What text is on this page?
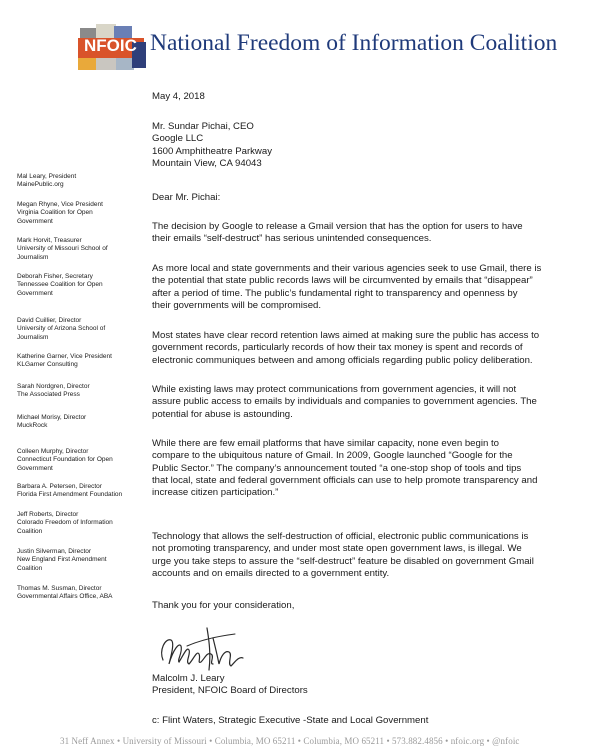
NFOIC National Freedom of Information Coalition
Mal Leary, President
MainePublic.org
Megan Rhyne, Vice President
Virginia Coalition for Open
Government
Mark Horvit, Treasurer
University of Missouri School of
Journalism
Deborah Fisher, Secretary
Tennessee Coalition for Open
Government
David Cuillier, Director
University of Arizona School of
Journalism
Katherine Garner, Vice President
KLGarner Consulting
Sarah Nordgren, Director
The Associated Press
Michael Morisy, Director
MuckRock
Colleen Murphy, Director
Connecticut Foundation for Open
Government
Barbara A. Petersen, Director
Florida First Amendment Foundation
Jeff Roberts, Director
Colorado Freedom of Information
Coalition
Justin Silverman, Director
New England First Amendment
Coalition
Thomas M. Susman, Director
Governmental Affairs Office, ABA
May 4, 2018
Mr. Sundar Pichai, CEO
Google LLC
1600 Amphitheatre Parkway
Mountain View, CA 94043
Dear Mr. Pichai:
The decision by Google to release a Gmail version that has the option for users to have
their emails “self-destruct” has serious unintended consequences.
As more local and state governments and their various agencies seek to use Gmail, there is
the potential that state public records laws will be circumvented by emails that “disappear”
after a period of time. The public’s fundamental right to transparency and openness by
their governments will be compromised.
Most states have clear record retention laws aimed at making sure the public has access to
government records, particularly records of how their tax money is spent and records of
electronic communiques between and among officials regarding public policy deliberation.
While existing laws may protect communications from government agencies, it will not
assure public access to emails by individuals and companies to government agencies. The
potential for abuse is astounding.
While there are few email platforms that have similar capacity, none even begin to
compare to the ubiquitous nature of Gmail. In 2009, Google launched “Google for the
Public Sector.” The company’s announcement touted “a one-stop shop of tools and tips
that local, state and federal government officials can use to help promote transparency and
increase citizen participation.”
Technology that allows the self-destruction of official, electronic public communications is
not promoting transparency, and under most state open government laws, is illegal. We
urge you take steps to assure the “self-destruct” feature be disabled on government Gmail
accounts and on emails directed to a government entity.
Thank you for your consideration,
Malcolm J. Leary
President, NFOIC Board of Directors
c: Flint Waters, Strategic Executive -State and Local Government
31 Neff Annex • University of Missouri • Columbia, MO 65211 • Columbia, MO 65211 • 573.882.4856 • nfoic.org • @nfoic
